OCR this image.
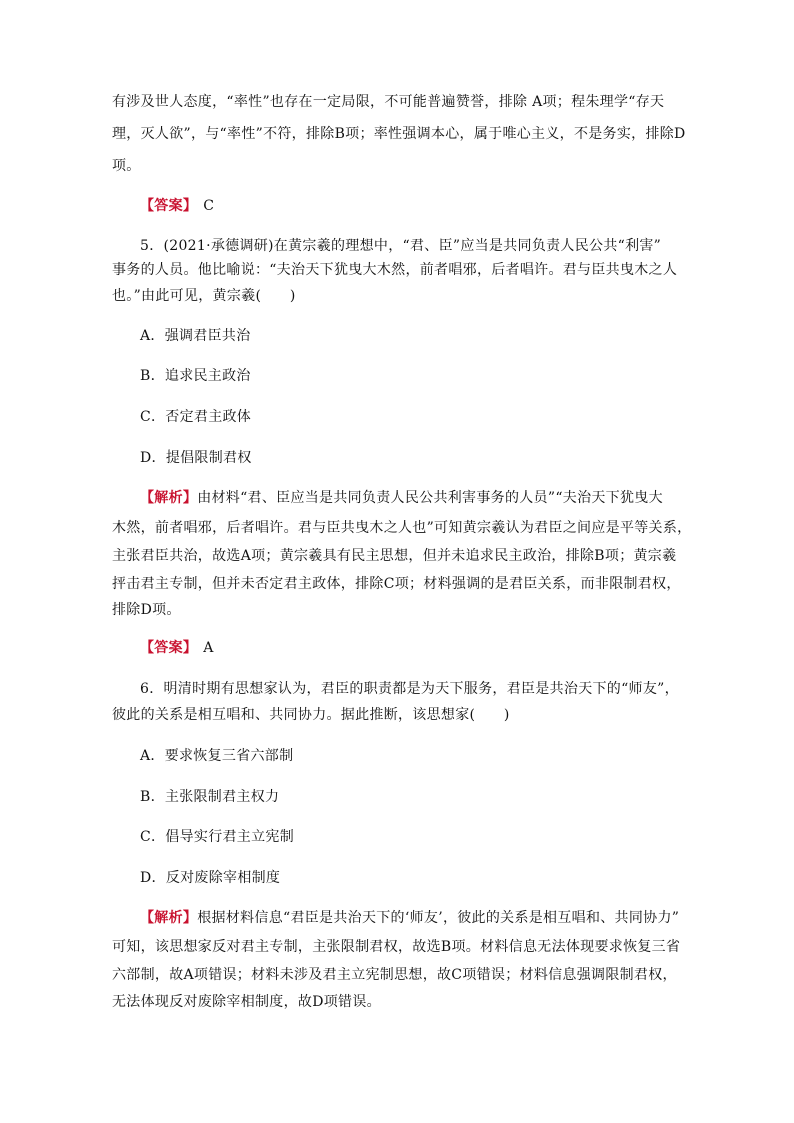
有涉及世人态度，“率性”也存在一定局限，不可能普遍赞誉，排除 A项；程朱理学“存天
理，灭人欲”，与“率性”不符，排除B项；率性强调本心，属于唯心主义，不是务实，排除D
项。
【答案】 C
5．(2021·承德调研)在黄宗羲的理想中，“君、臣”应当是共同负责人民公共“利害”
事务的人员。他比喻说：“夫治天下犹曳大木然，前者唱邪，后者唱许。君与臣共曳木之人
也。”由此可见，黄宗羲(　　)
A．强调君臣共治
B．追求民主政治
C．否定君主政体
D．提倡限制君权
【解析】由材料“君、臣应当是共同负责人民公共利害事务的人员”“夫治天下犹曳大
木然，前者唱邪，后者唱许。君与臣共曳木之人也”可知黄宗羲认为君臣之间应是平等关系，
主张君臣共治，故选A项；黄宗羲具有民主思想，但并未追求民主政治，排除B项；黄宗羲
抨击君主专制，但并未否定君主政体，排除C项；材料强调的是君臣关系，而非限制君权，
排除D项。
【答案】 A
6．明清时期有思想家认为，君臣的职责都是为天下服务，君臣是共治天下的“师友”，
彼此的关系是相互唱和、共同协力。据此推断，该思想家(　　)
A．要求恢复三省六部制
B．主张限制君主权力
C．倡导实行君主立宪制
D．反对废除宰相制度
【解析】根据材料信息“君臣是共治天下的‘师友’，彼此的关系是相互唱和、共同协力”
可知，该思想家反对君主专制，主张限制君权，故选B项。材料信息无法体现要求恢复三省
六部制，故A项错误；材料未涉及君主立宪制思想，故C项错误；材料信息强调限制君权，
无法体现反对废除宰相制度，故D项错误。
